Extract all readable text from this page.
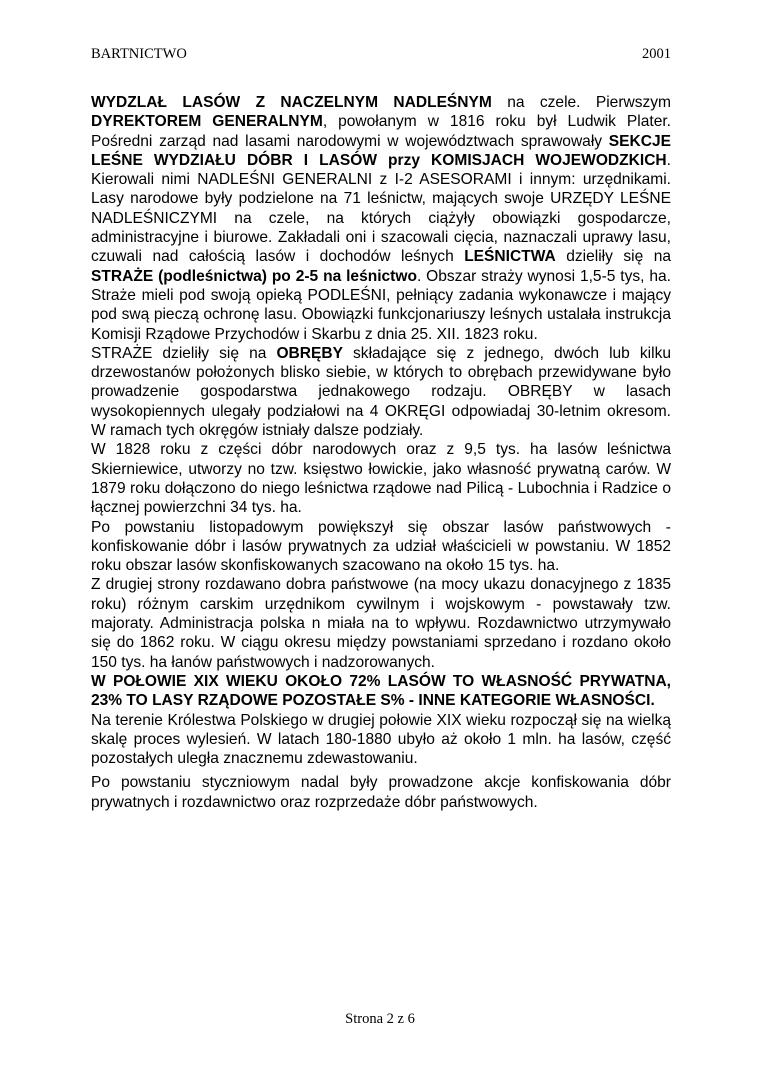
BARTNICTWO	2001

WYDZLAŁ LASÓW Z NACZELNYM NADLEŚNYM na czele. Pierwszym DYREKTOREM GENERALNYM, powołanym w 1816 roku był Ludwik Plater. Pośredni zarząd nad lasami narodowymi w województwach sprawowały SEKCJE LEŚNE WYDZIAŁU DÓBR I LASÓW przy KOMISJACH WOJEWODZKICH. Kierowali nimi NADLEŚNI GENERALNI z I-2 ASESORAMI i innym: urzędnikami. Lasy narodowe były podzielone na 71 leśnictw, mających swoje URZĘDY LEŚNE NADLEŚNICZYMI na czele, na których ciążyły obowiązki gospodarcze, administracyjne i biurowe. Zakładali oni i szacowali cięcia, naznaczali uprawy lasu, czuwali nad całością lasów i dochodów leśnych LEŚNICTWA dzieliły się na STRAŻE (podleśnictwa) po 2-5 na leśnictwo. Obszar straży wynosi 1,5-5 tys, ha. Straże mieli pod swoją opieką PODLEŚNI, pełniący zadania wykonawcze i mający pod swą pieczą ochronę lasu. Obowiązki funkcjonariuszy leśnych ustalała instrukcja Komisji Rządowe Przychodów i Skarbu z dnia 25. XII. 1823 roku.

STRAŻE dzieliły się na OBRĘBY składające się z jednego, dwóch lub kilku drzewostanów położonych blisko siebie, w których to obrębach przewidywane było prowadzenie gospodarstwa jednakowego rodzaju. OBRĘBY w lasach wysokopiennych ulegały podziałowi na 4 OKRĘGI odpowiadaj 30-letnim okresom. W ramach tych okręgów istniały dalsze podziały.

W 1828 roku z części dóbr narodowych oraz z 9,5 tys. ha lasów leśnictwa Skierniewice, utworzy no tzw. księstwo łowickie, jako własność prywatną carów. W 1879 roku dołączono do niego leśnictwa rządowe nad Pilicą - Lubochnia i Radzice o łącznej powierzchni 34 tys. ha.

Po powstaniu listopadowym powiększył się obszar lasów państwowych - konfiskowanie dóbr i lasów prywatnych za udział właścicieli w powstaniu. W 1852 roku obszar lasów skonfiskowanych szacowano na około 15 tys. ha.

Z drugiej strony rozdawano dobra państwowe (na mocy ukazu donacyjnego z 1835 roku) różnym carskim urzędnikom cywilnym i wojskowym - powstawały tzw. majoraty. Administracja polska n miała na to wpływu. Rozdawnictwo utrzymywało się do 1862 roku. W ciągu okresu między powstaniami sprzedano i rozdano około 150 tys. ha łanów państwowych i nadzorowanych.

W POŁOWIE XIX WIEKU OKOŁO 72% LASÓW TO WŁASNOŚĆ PRYWATNA, 23% TO LASY RZĄDOWE POZOSTAŁE S% - INNE KATEGORIE WŁASNOŚCI.

Na terenie Królestwa Polskiego w drugiej połowie XIX wieku rozpoczął się na wielką skalę proces wylesień. W latach 180-1880 ubyło aż około 1 mln. ha lasów, część pozostałych uległa znacznemu zdewastowaniu.

Po powstaniu styczniowym nadal były prowadzone akcje konfiskowania dóbr prywatnych i rozdawnictwo oraz rozprzedaże dóbr państwowych.

Strona 2 z 6
